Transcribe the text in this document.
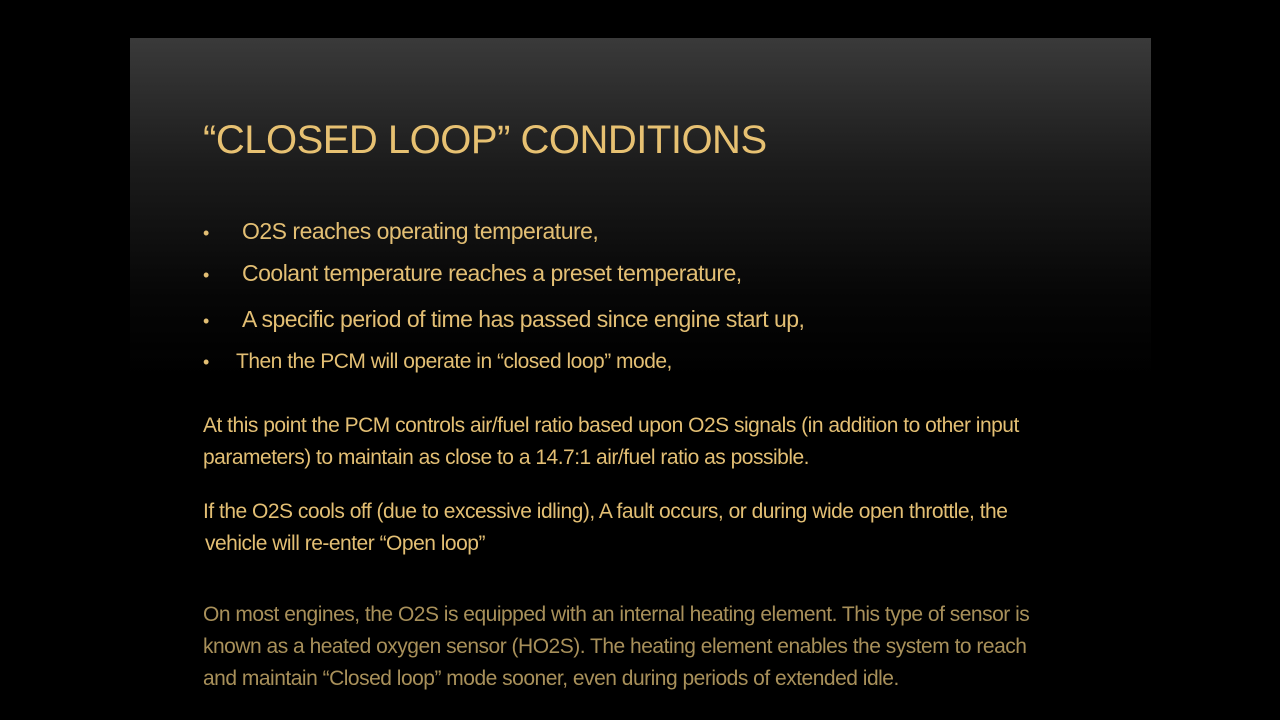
“CLOSED LOOP” CONDITIONS
• O2S reaches operating temperature,
• Coolant temperature reaches a preset temperature,
• A specific period of time has passed since engine start up,
• Then the PCM will operate in “closed loop” mode,
At this point the PCM controls air/fuel ratio based upon O2S signals (in addition to other input
parameters) to maintain as close to a 14.7:1 air/fuel ratio as possible.
If the O2S cools off (due to excessive idling), A fault occurs, or during wide open throttle, the
vehicle will re-enter “Open loop”
On most engines, the O2S is equipped with an internal heating element. This type of sensor is
known as a heated oxygen sensor (HO2S). The heating element enables the system to reach
and maintain “Closed loop” mode sooner, even during periods of extended idle.
